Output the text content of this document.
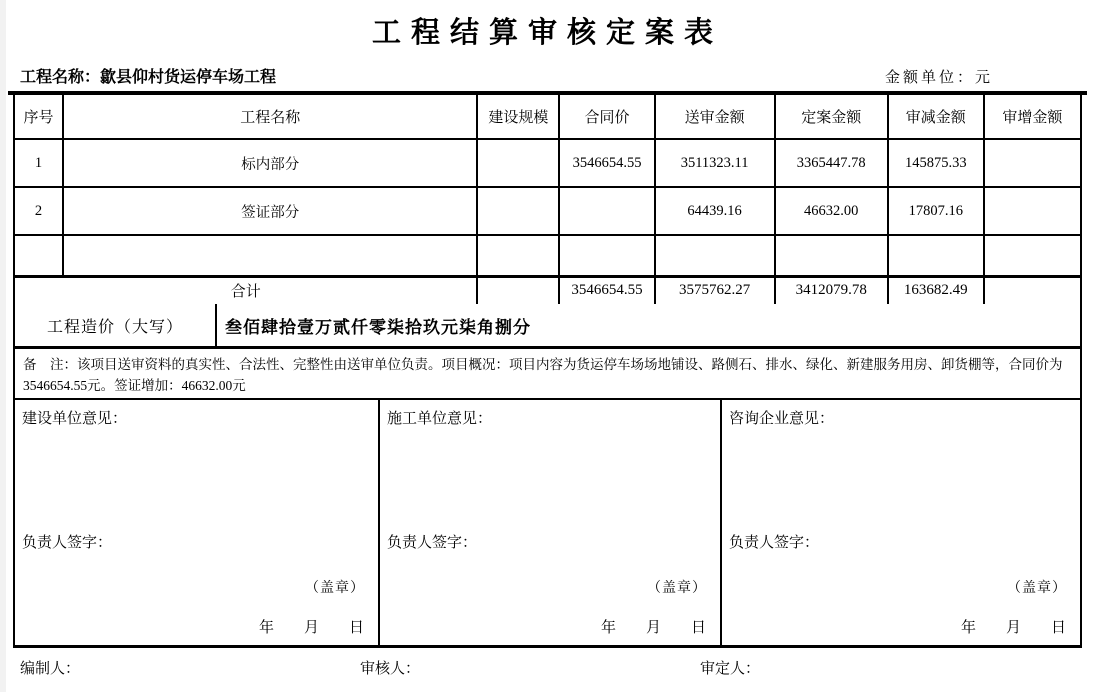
工程结算审核定案表
工程名称：歙县仰村货运停车场工程	金额单位：元
序号	工程名称	建设规模	合同价	送审金额	定案金额	审减金额	审增金额
1	标内部分		3546654.55	3511323.11	3365447.78	145875.33	
2	签证部分			64439.16	46632.00	17807.16	

合计			3546654.55	3575762.27	3412079.78	163682.49	
工程造价（大写）	叁佰肆拾壹万贰仟零柒拾玖元柒角捌分
备　注：该项目送审资料的真实性、合法性、完整性由送审单位负责。项目概况：项目内容为货运停车场场地铺设、路侧石、排水、绿化、新建服务用房、卸货棚等，合同价为3546654.55元。签证增加：46632.00元
建设单位意见：
负责人签字：
（盖章）
年        月        日
施工单位意见：
负责人签字：
（盖章）
年        月        日
咨询企业意见：
负责人签字：
（盖章）
年        月        日
编制人：	审核人：	审定人：
